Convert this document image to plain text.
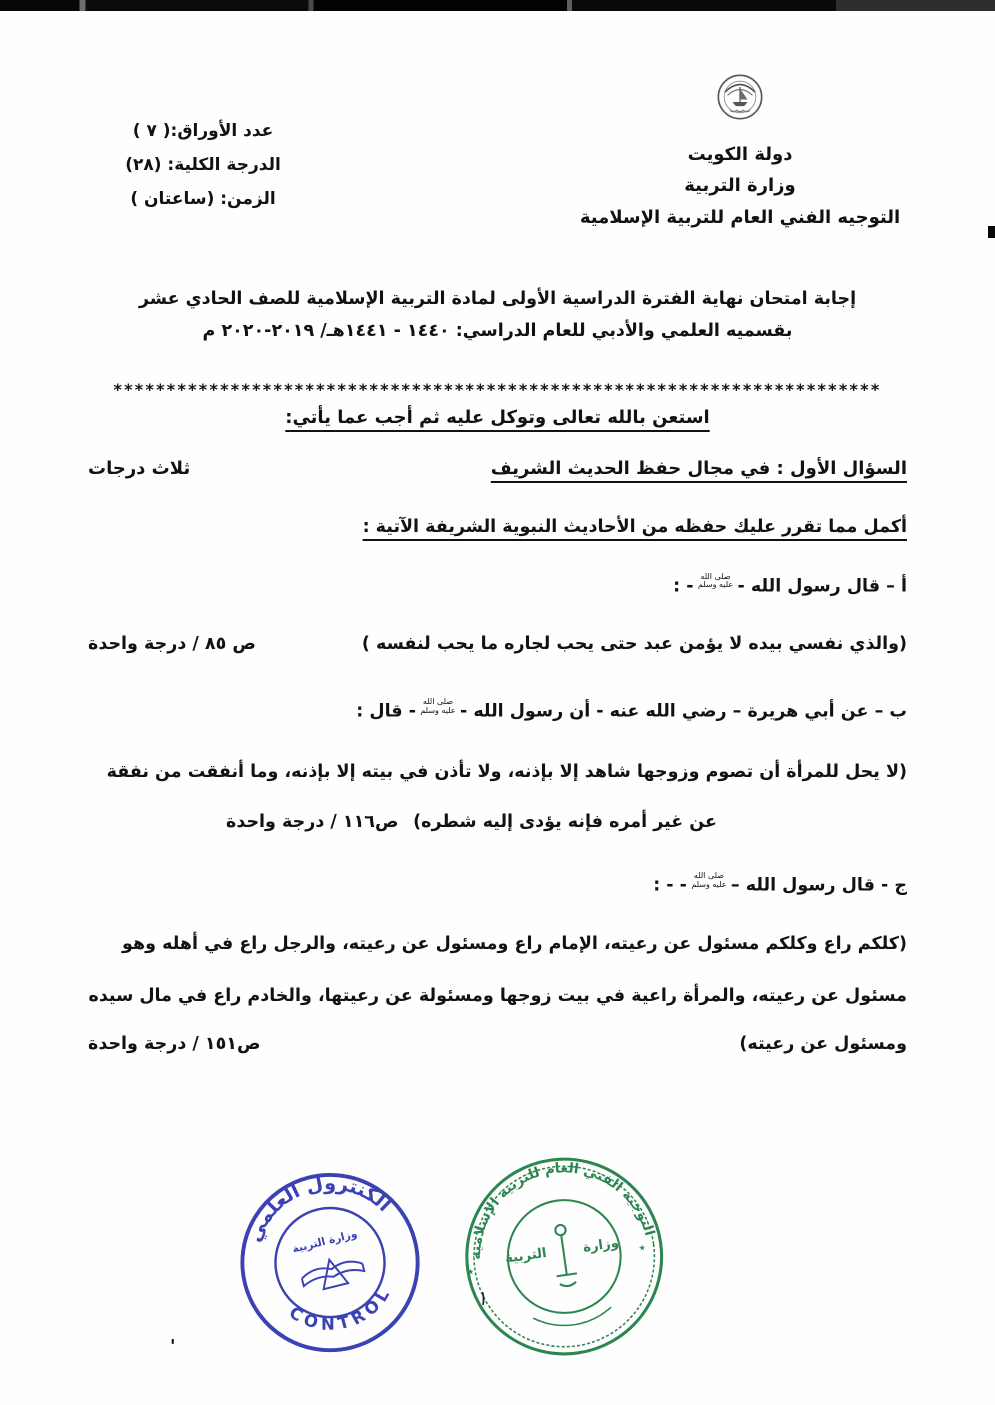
دولة الكويت
وزارة التربية
التوجيه الفني العام للتربية الإسلامية
عدد الأوراق:( ٧ )
الدرجة الكلية: (٢٨)
الزمن: (ساعتان )
إجابة امتحان نهاية الفترة الدراسية الأولى لمادة التربية الإسلامية للصف الحادي عشر
بقسميه العلمي والأدبي للعام الدراسي: ١٤٤٠ - ١٤٤١هـ/ ٢٠١٩-٢٠٢٠ م
************************************************************************
استعن بالله تعالى وتوكل عليه ثم أجب عما يأتي:
السؤال الأول : في مجال حفظ الحديث الشريف
ثلاث درجات
أكمل مما تقرر عليك حفظه من الأحاديث النبوية الشريفة الآتية :
أ – قال رسول الله -صلى الله عليه وسلم- :
(والذي نفسي بيده لا يؤمن عبد حتى يحب لجاره ما يحب لنفسه )
ص ٨٥ / درجة واحدة
ب – عن أبي هريرة – رضي الله عنه - أن رسول الله -صلى الله عليه وسلم- قال :
(لا يحل للمرأة أن تصوم وزوجها شاهد إلا بإذنه، ولا تأذن في بيته إلا بإذنه، وما أنفقت من نفقة
عن غير أمره فإنه يؤدى إليه شطره)
ص١١٦ / درجة واحدة
ج - قال رسول الله –صلى الله عليه وسلم- - :
(كلكم راع وكلكم مسئول عن رعيته، الإمام راع ومسئول عن رعيته، والرجل راع في أهله وهو
مسئول عن رعيته، والمرأة راعية في بيت زوجها ومسئولة عن رعيتها، والخادم راع في مال سيده
ومسئول عن رعيته)
ص١٥١ / درجة واحدة
التوجيه الفني العام للتربية الإسلامية
ــــــــــــــــــــ
٭
٭
وزارة
التربية
الكنترول العلمي
CONTROL
وزارة التربية
١
'
